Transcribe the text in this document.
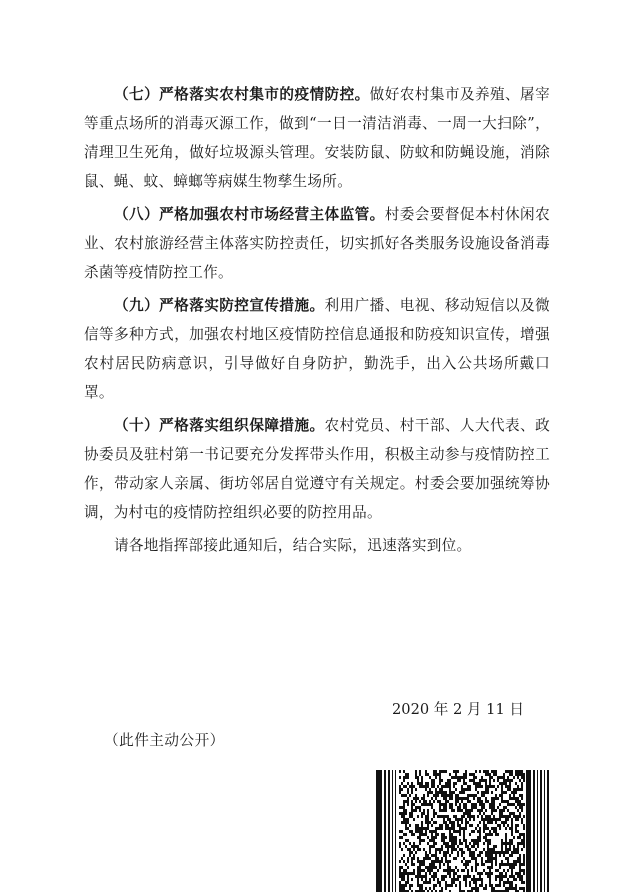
（七）严格落实农村集市的疫情防控。做好农村集市及养殖、屠宰等重点场所的消毒灭源工作，做到“一日一清洁消毒、一周一大扫除”，清理卫生死角，做好垃圾源头管理。安装防鼠、防蚊和防蝇设施，消除鼠、蝇、蚊、蟑螂等病媒生物孳生场所。

（八）严格加强农村市场经营主体监管。村委会要督促本村休闲农业、农村旅游经营主体落实防控责任，切实抓好各类服务设施设备消毒杀菌等疫情防控工作。

（九）严格落实防控宣传措施。利用广播、电视、移动短信以及微信等多种方式，加强农村地区疫情防控信息通报和防疫知识宣传，增强农村居民防病意识，引导做好自身防护，勤洗手，出入公共场所戴口罩。

（十）严格落实组织保障措施。农村党员、村干部、人大代表、政协委员及驻村第一书记要充分发挥带头作用，积极主动参与疫情防控工作，带动家人亲属、街坊邻居自觉遵守有关规定。村委会要加强统筹协调，为村屯的疫情防控组织必要的防控用品。

请各地指挥部接此通知后，结合实际，迅速落实到位。

2020 年 2 月 11 日
（此件主动公开）
